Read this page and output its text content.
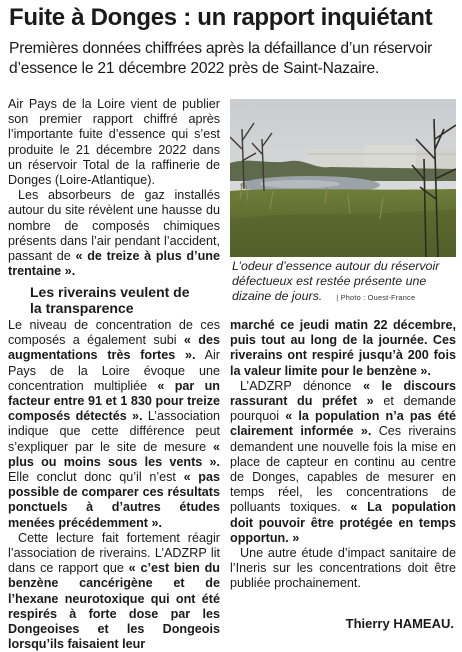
Fuite à Donges : un rapport inquiétant
Premières données chiffrées après la défaillance d’un réservoir d’essence le 21 décembre 2022 près de Saint-Nazaire.

Air Pays de la Loire vient de publier son premier rapport chiffré après l’importante fuite d’essence qui s’est produite le 21 décembre 2022 dans un réservoir Total de la raffinerie de Donges (Loire-Atlantique).

Les absorbeurs de gaz installés autour du site révèlent une hausse du nombre de composés chimiques présents dans l’air pendant l’accident, passant de « de treize à plus d’une trentaine ».

Les riverains veulent de la transparence

Le niveau de concentration de ces composés a également subi « des augmentations très fortes ». Air Pays de la Loire évoque une concentration multipliée « par un facteur entre 91 et 1 830 pour treize composés détectés ». L’association indique que cette différence peut s’expliquer par le site de mesure « plus ou moins sous les vents ». Elle conclut donc qu’il n’est « pas possible de comparer ces résultats ponctuels à d’autres études menées précédemment ».

Cette lecture fait fortement réagir l’association de riverains. L’ADZRP lit dans ce rapport que « c’est bien du benzène cancérigène et de l’hexane neurotoxique qui ont été respirés à forte dose par les Dongeoises et les Dongeois lorsqu’ils faisaient leur

L’odeur d’essence autour du réservoir défectueux est restée présente une dizaine de jours. | Photo : Ouest-France

marché ce jeudi matin 22 décembre, puis tout au long de la journée. Ces riverains ont respiré jusqu’à 200 fois la valeur limite pour le benzène ».

L’ADZRP dénonce « le discours rassurant du préfet » et demande pourquoi « la population n’a pas été clairement informée ». Ces riverains demandent une nouvelle fois la mise en place de capteur en continu au centre de Donges, capables de mesurer en temps réel, les concentrations de polluants toxiques. « La population doit pouvoir être protégée en temps opportun. »

Une autre étude d’impact sanitaire de l’Ineris sur les concentrations doit être publiée prochainement.

Thierry HAMEAU.
